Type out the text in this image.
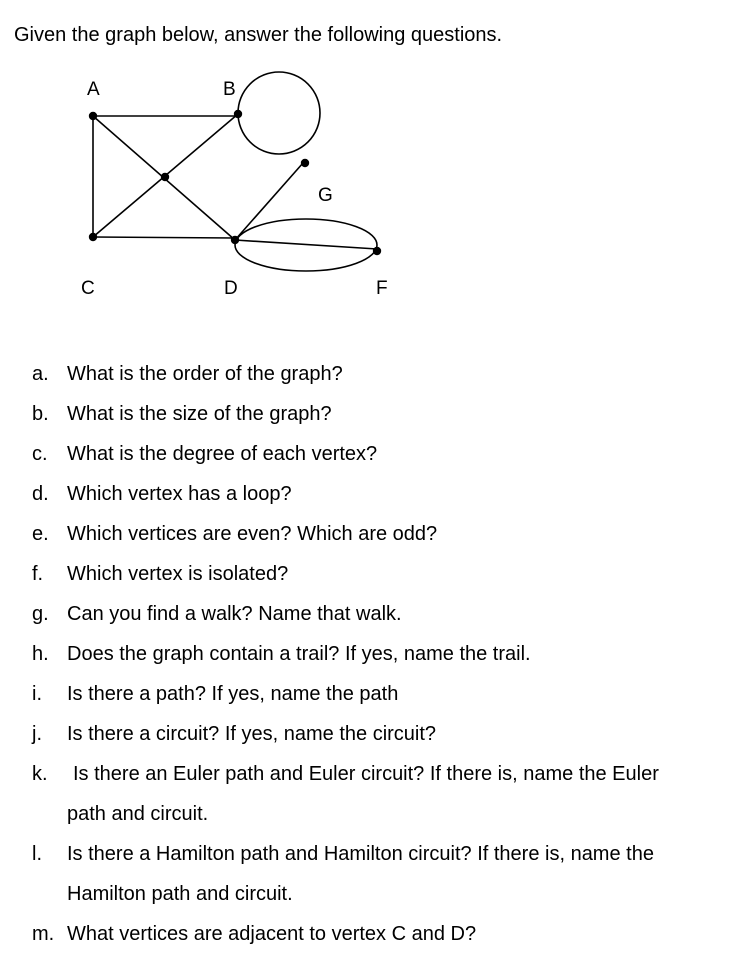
Given the graph below, answer the following questions.
A	B
C	D
G
F
a. What is the order of the graph?
b. What is the size of the graph?
c. What is the degree of each vertex?
d. Which vertex has a loop?
e. Which vertices are even? Which are odd?
f.	Which vertex is isolated?
g. Can you find a walk? Name that walk.
h. Does the graph contain a trail? If yes, name the trail.
i.	Is there a path? If yes, name the path
j.	Is there a circuit? If yes, name the circuit?
k.	Is there an Euler path and Euler circuit? If there is, name the Euler
path and circuit.
l.	Is there a Hamilton path and Hamilton circuit? If there is, name the
Hamilton path and circuit.
m. What vertices are adjacent to vertex C and D?
